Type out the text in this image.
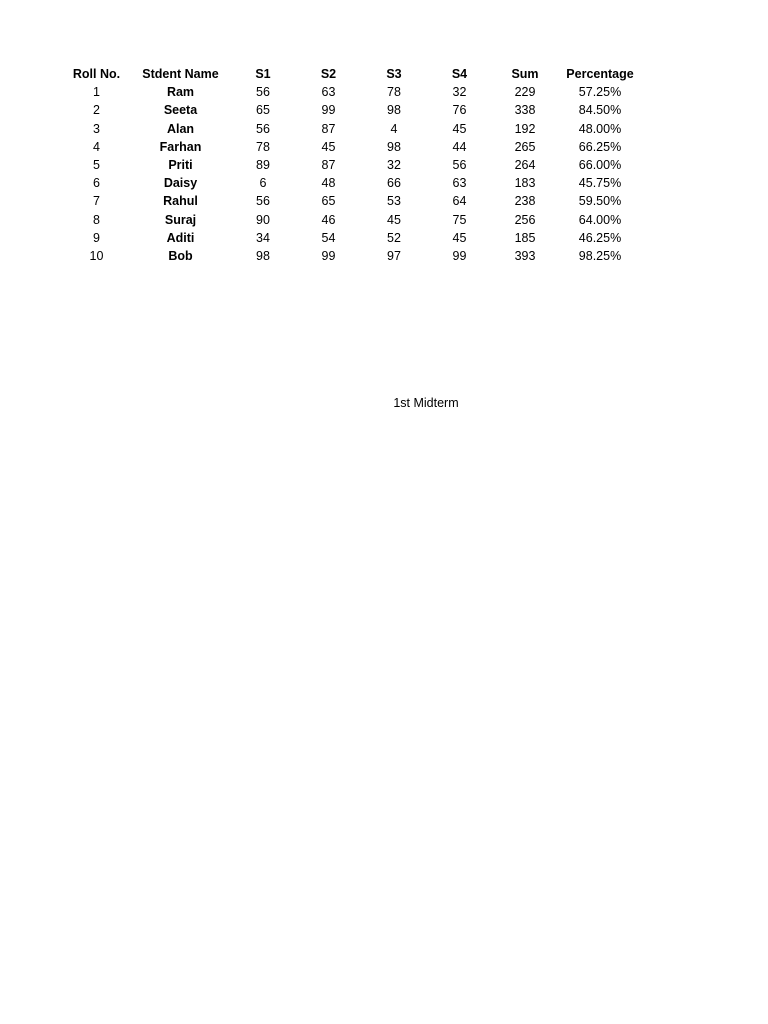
Roll No.	Stdent Name	S1	S2	S3	S4	Sum	Percentage
1	Ram	56	63	78	32	229	57.25%
2	Seeta	65	99	98	76	338	84.50%
3	Alan	56	87	4	45	192	48.00%
4	Farhan	78	45	98	44	265	66.25%
5	Priti	89	87	32	56	264	66.00%
6	Daisy	6	48	66	63	183	45.75%
7	Rahul	56	65	53	64	238	59.50%
8	Suraj	90	46	45	75	256	64.00%
9	Aditi	34	54	52	45	185	46.25%
10	Bob	98	99	97	99	393	98.25%
1st Midterm
